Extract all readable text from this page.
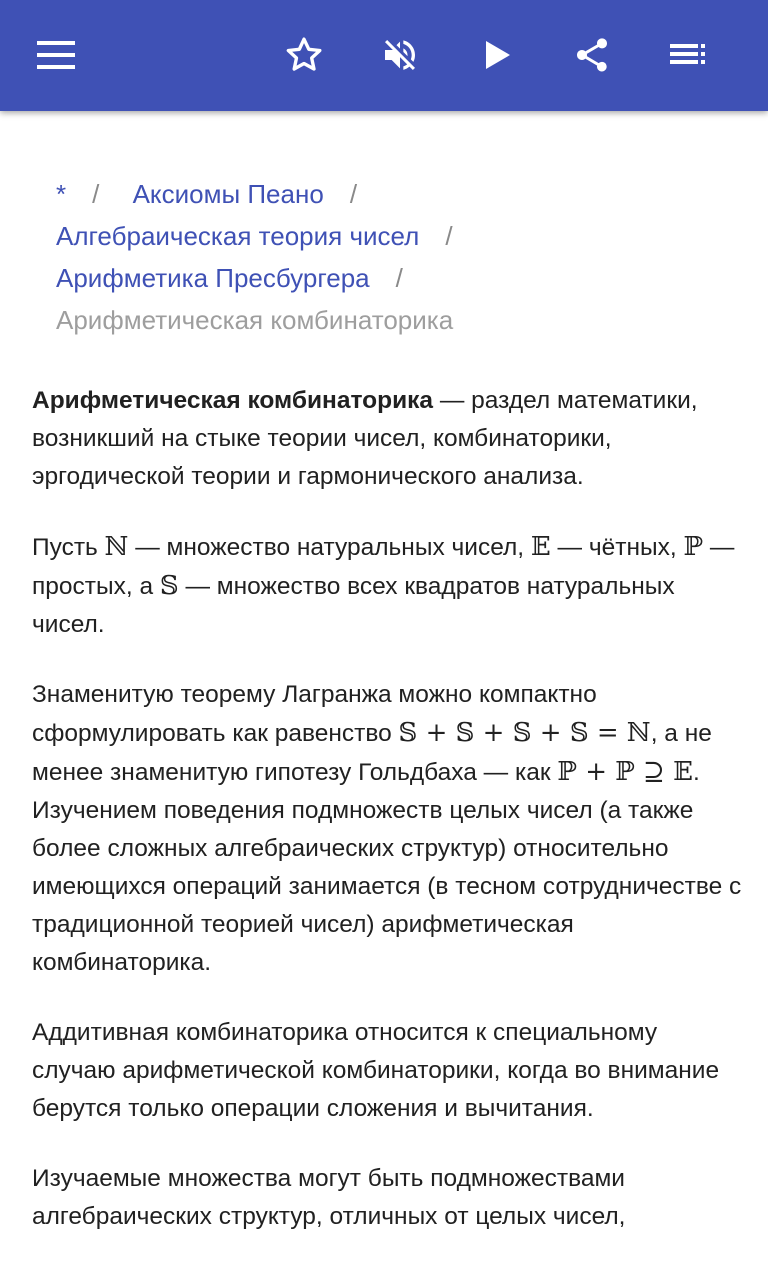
* / Аксиомы Пеано /
Алгебраическая теория чисел /
Арифметика Пресбургера /
Арифметическая комбинаторика

Арифметическая комбинаторика — раздел математики, возникший на стыке теории чисел, комбинаторики, эргодической теории и гармонического анализа.

Пусть ℕ — множество натуральных чисел, 𝔼 — чётных, ℙ — простых, а 𝕊 — множество всех квадратов натуральных чисел.

Знаменитую теорему Лагранжа можно компактно сформулировать как равенство 𝕊 + 𝕊 + 𝕊 + 𝕊 = ℕ, а не менее знаменитую гипотезу Гольдбаха — как ℙ + ℙ ⊇ 𝔼. Изучением поведения подмножеств целых чисел (а также более сложных алгебраических структур) относительно имеющихся операций занимается (в тесном сотрудничестве с традиционной теорией чисел) арифметическая комбинаторика.

Аддитивная комбинаторика относится к специальному случаю арифметической комбинаторики, когда во внимание берутся только операции сложения и вычитания.

Изучаемые множества могут быть подмножествами алгебраических структур, отличных от целых чисел,
